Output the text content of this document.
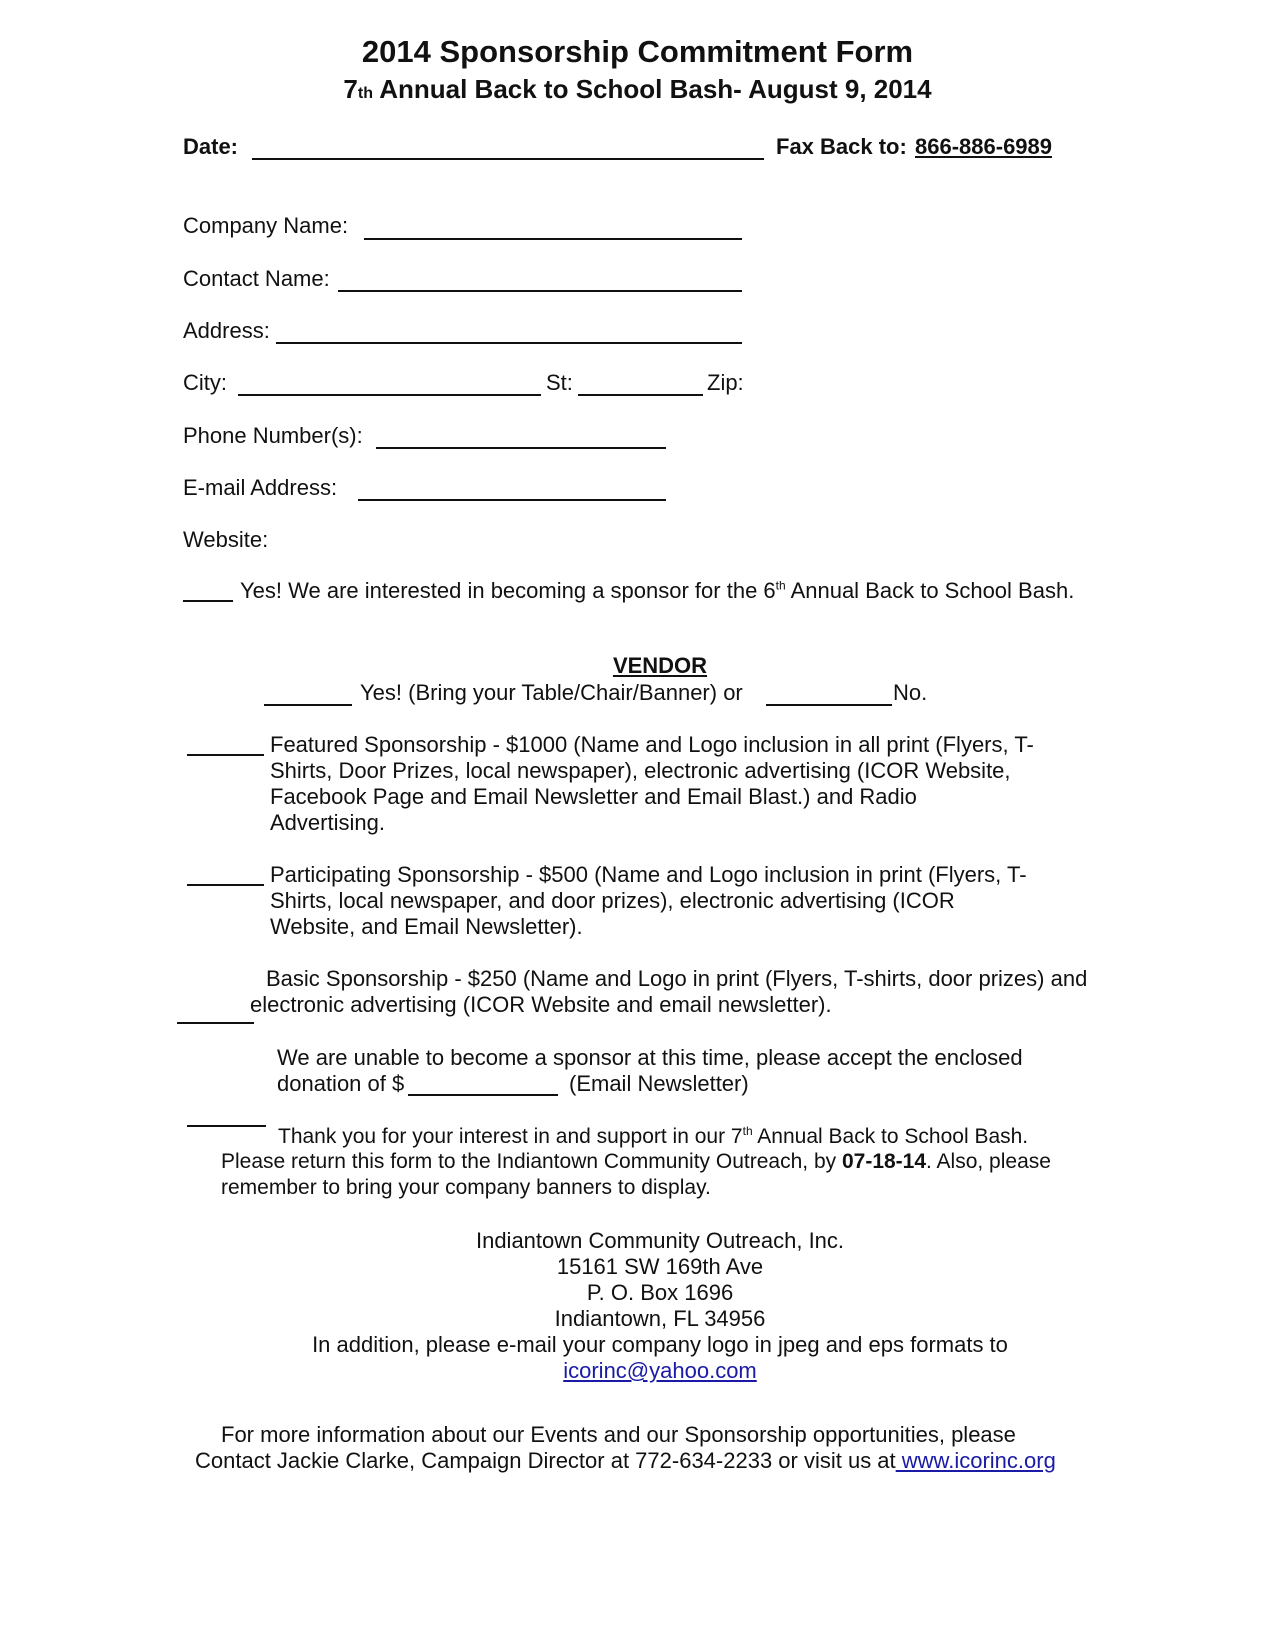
2014 Sponsorship Commitment Form
7th Annual Back to School Bash- August 9, 2014
Date:	Fax Back to: 866-886-6989
Company Name:
Contact Name:
Address:
City:	St:	Zip:
Phone Number(s):
E-mail Address:
Website:
Yes! We are interested in becoming a sponsor for the 6th Annual Back to School Bash.
VENDOR
Yes! (Bring your Table/Chair/Banner) or	No.
Featured Sponsorship - $1000 (Name and Logo inclusion in all print (Flyers, T-
Shirts, Door Prizes, local newspaper), electronic advertising (ICOR Website,
Facebook Page and Email Newsletter and Email Blast.) and Radio
Advertising.
Participating Sponsorship - $500 (Name and Logo inclusion in print (Flyers, T-
Shirts, local newspaper, and door prizes), electronic advertising (ICOR
Website, and Email Newsletter).
Basic Sponsorship - $250 (Name and Logo in print (Flyers, T-shirts, door prizes) and
electronic advertising (ICOR Website and email newsletter).
We are unable to become a sponsor at this time, please accept the enclosed
donation of $	(Email Newsletter)
Thank you for your interest in and support in our 7th Annual Back to School Bash.
Please return this form to the Indiantown Community Outreach, by 07-18-14. Also, please
remember to bring your company banners to display.
Indiantown Community Outreach, Inc.
15161 SW 169th Ave
P. O. Box 1696
Indiantown, FL 34956
In addition, please e-mail your company logo in jpeg and eps formats to
icorinc@yahoo.com
For more information about our Events and our Sponsorship opportunities, please
Contact Jackie Clarke, Campaign Director at 772-634-2233 or visit us at www.icorinc.org
